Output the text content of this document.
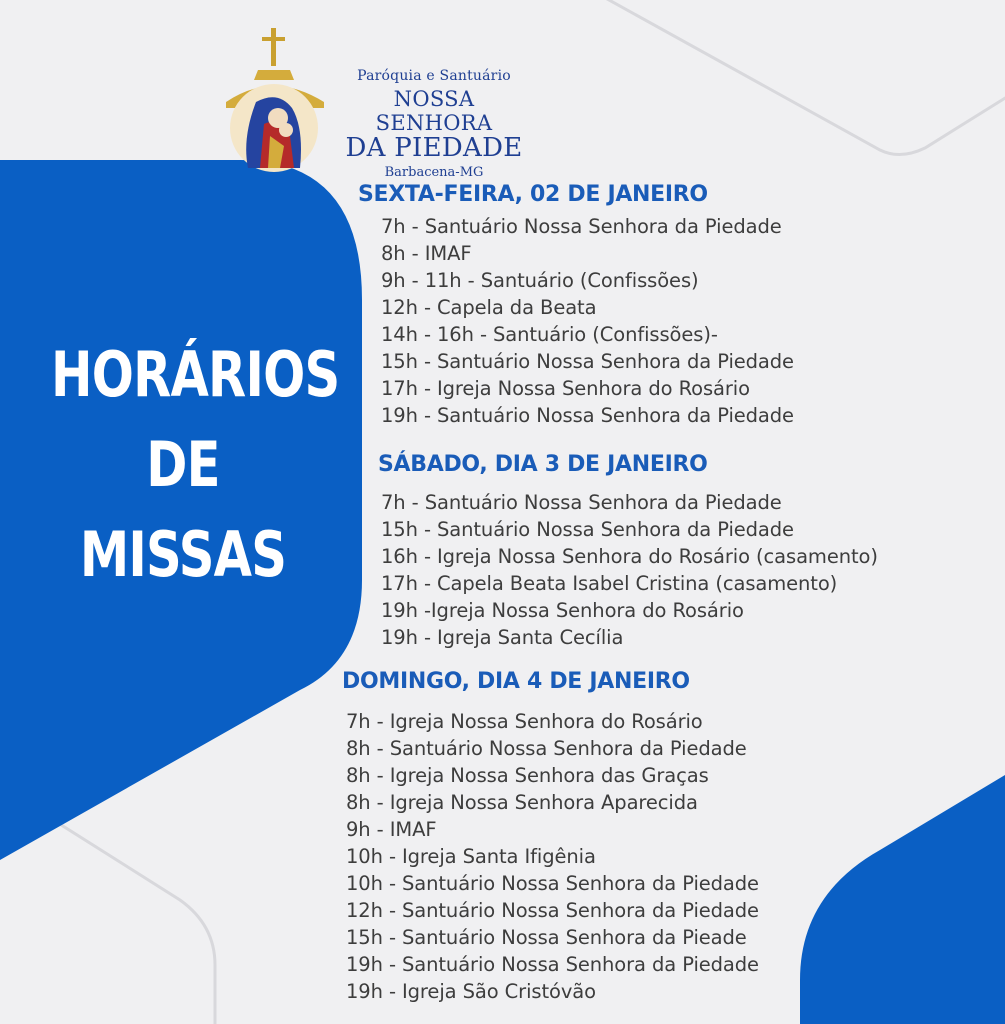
Paróquia e Santuário
NOSSA SENHORA
DA PIEDADE
Barbacena-MG
HORÁRIOS
DE MISSAS
SEXTA-FEIRA, 02 DE JANEIRO
7h - Santuário Nossa Senhora da Piedade
8h - IMAF
9h - 11h - Santuário (Confissões)
12h - Capela da Beata
14h - 16h - Santuário (Confissões)-
15h - Santuário Nossa Senhora da Piedade
17h - Igreja Nossa Senhora do Rosário
19h - Santuário Nossa Senhora da Piedade
SÁBADO, DIA 3 DE JANEIRO
7h - Santuário Nossa Senhora da Piedade
15h - Santuário Nossa Senhora da Piedade
16h - Igreja Nossa Senhora do Rosário (casamento)
17h - Capela Beata Isabel Cristina (casamento)
19h -Igreja Nossa Senhora do Rosário
19h - Igreja Santa Cecília
DOMINGO, DIA 4 DE JANEIRO
7h - Igreja Nossa Senhora do Rosário
8h - Santuário Nossa Senhora da Piedade
8h - Igreja Nossa Senhora das Graças
8h - Igreja Nossa Senhora Aparecida
9h - IMAF
10h - Igreja Santa Ifigênia
10h - Santuário Nossa Senhora da Piedade
12h - Santuário Nossa Senhora da Piedade
15h - Santuário Nossa Senhora da Pieade
19h - Santuário Nossa Senhora da Piedade
19h - Igreja São Cristóvão
